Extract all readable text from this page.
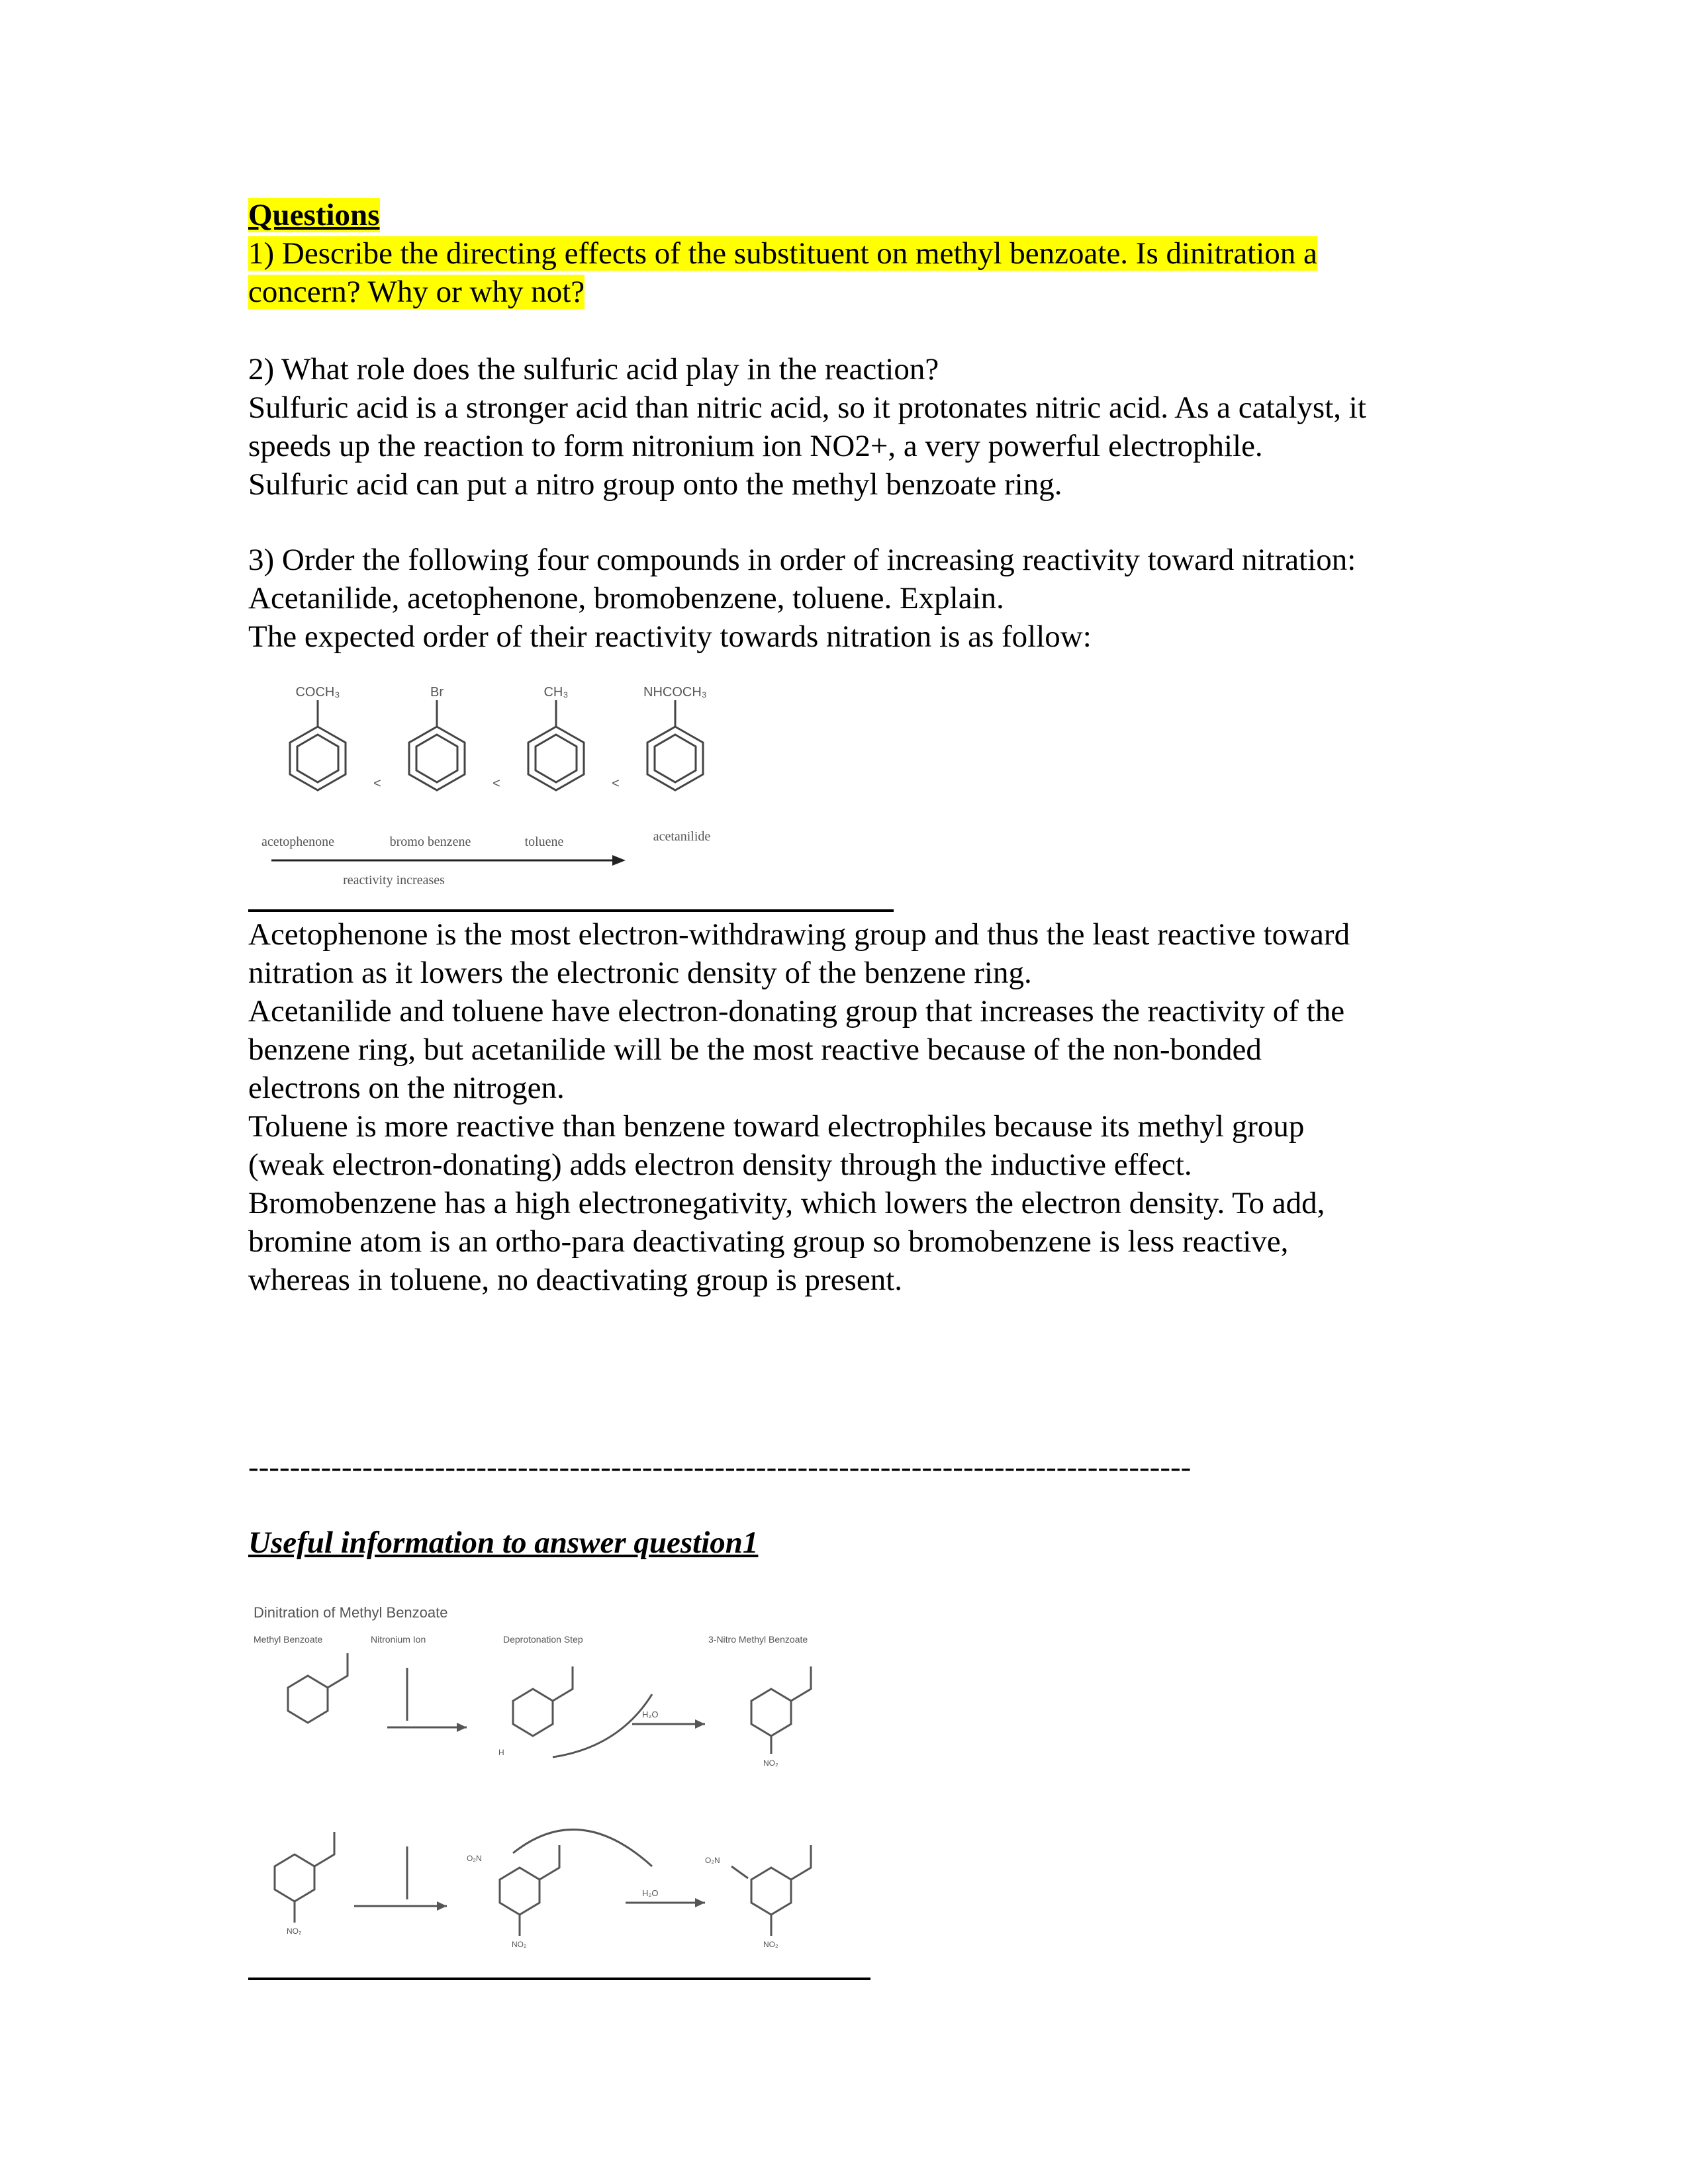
Questions
1) Describe the directing effects of the substituent on methyl benzoate. Is dinitration a
concern? Why or why not?
2) What role does the sulfuric acid play in the reaction?
Sulfuric acid is a stronger acid than nitric acid, so it protonates nitric acid. As a catalyst, it
speeds up the reaction to form nitronium ion NO2+, a very powerful electrophile.
Sulfuric acid can put a nitro group onto the methyl benzoate ring.
3) Order the following four compounds in order of increasing reactivity toward nitration:
Acetanilide, acetophenone, bromobenzene, toluene. Explain.
The expected order of their reactivity towards nitration is as follow:
COCH₃	Br	CH₃	NHCOCH₃
<	<	<
acetophenone	bromo benzene	toluene	acetanilide
reactivity increases
Acetophenone is the most electron-withdrawing group and thus the least reactive toward
nitration as it lowers the electronic density of the benzene ring.
Acetanilide and toluene have electron-donating group that increases the reactivity of the
benzene ring, but acetanilide will be the most reactive because of the non-bonded
electrons on the nitrogen.
Toluene is more reactive than benzene toward electrophiles because its methyl group
(weak electron-donating) adds electron density through the inductive effect.
Bromobenzene has a high electronegativity, which lowers the electron density. To add,
bromine atom is an ortho-para deactivating group so bromobenzene is less reactive,
whereas in toluene, no deactivating group is present.
-------------------------------------------------------------------------------------------
Useful information to answer question1
Dinitration of Methyl Benzoate
Methyl Benzoate	Nitronium Ion	Deprotonation Step	3-Nitro Methyl Benzoate
H₂O
H₂O
NO₂
NO₂
NO₂	NO₂
O₂N	O₂N
H
